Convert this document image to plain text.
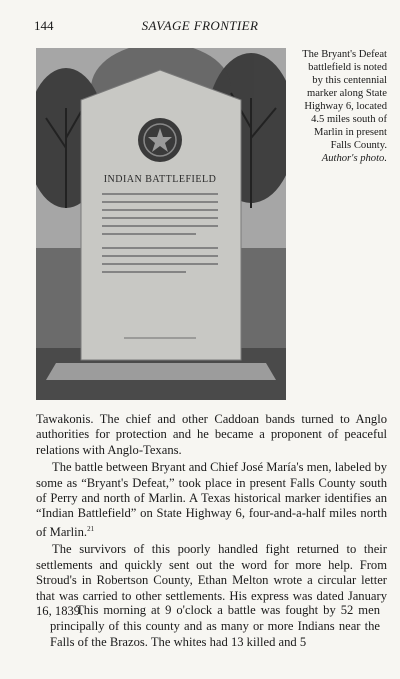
144	SAVAGE FRONTIER
INDIAN BATTLEFIELD
The Bryant's Defeat battlefield is noted by this centennial marker along State Highway 6, located 4.5 miles south of Marlin in present Falls County. Author's photo.

Tawakonis. The chief and other Caddoan bands turned to Anglo authorities for protection and he became a proponent of peaceful relations with Anglo-Texans.

The battle between Bryant and Chief José María's men, labeled by some as “Bryant's Defeat,” took place in present Falls County south of Perry and north of Marlin. A Texas historical marker identifies an “Indian Battlefield” on State Highway 6, four-and-a-half miles north of Marlin.$^{21}$

The survivors of this poorly handled fight returned to their settlements and quickly sent out the word for more help. From Stroud's in Robertson County, Ethan Melton wrote a circular letter that was carried to other settlements. His express was dated January 16, 1839.

This morning at 9 o'clock a battle was fought by 52 men principally of this county and as many or more Indians near the Falls of the Brazos. The whites had 13 killed and 5
